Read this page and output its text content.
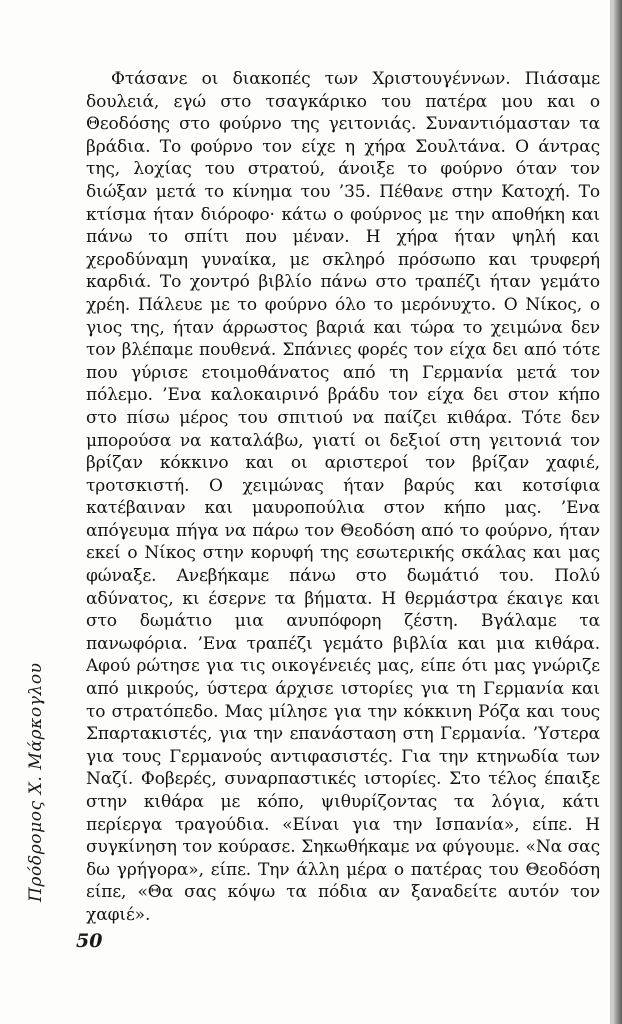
Φτάσανε οι διακοπές των Χριστουγέννων. Πιάσαμε δουλειά, εγώ στο τσαγκάρικο του πατέρα μου και ο Θεοδόσης στο φούρνο της γειτονιάς. Συναντιόμασταν τα βράδια. Το φούρνο τον είχε η χήρα Σουλτάνα. Ο άντρας της, λοχίας του στρατού, άνοιξε το φούρνο όταν τον διώξαν μετά το κίνημα του ’35. Πέθανε στην Κατοχή. Το κτίσμα ήταν διόροφο· κάτω ο φούρνος με την αποθήκη και πάνω το σπίτι που μέναν. Η χήρα ήταν ψηλή και χεροδύναμη γυναίκα, με σκληρό πρόσωπο και τρυφερή καρδιά. Το χοντρό βιβλίο πάνω στο τραπέζι ήταν γεμάτο χρέη. Πάλευε με το φούρνο όλο το μερόνυχτο. Ο Νίκος, ο γιος της, ήταν άρρωστος βαριά και τώρα το χειμώνα δεν τον βλέπαμε πουθενά. Σπάνιες φορές τον είχα δει από τότε που γύρισε ετοιμοθάνατος από τη Γερμανία μετά τον πόλεμο. ’Ενα καλοκαιρινό βράδυ τον είχα δει στον κήπο στο πίσω μέρος του σπιτιού να παίζει κιθάρα. Τότε δεν μπορούσα να καταλάβω, γιατί οι δεξιοί στη γειτονιά τον βρίζαν κόκκινο και οι αριστεροί τον βρίζαν χαφιέ, τροτσκιστή. Ο χειμώνας ήταν βαρύς και κοτσίφια κατέβαιναν και μαυροπούλια στον κήπο μας. ’Ενα απόγευμα πήγα να πάρω τον Θεοδόση από το φούρνο, ήταν εκεί ο Νίκος στην κορυφή της εσωτερικής σκάλας και μας φώναξε. Ανεβήκαμε πάνω στο δωμάτιό του. Πολύ αδύνατος, κι έσερνε τα βήματα. Η θερμάστρα έκαιγε και στο δωμάτιο μια ανυπόφορη ζέστη. Βγάλαμε τα πανωφόρια. ’Ενα τραπέζι γεμάτο βιβλία και μια κιθάρα. Αφού ρώτησε για τις οικογένειές μας, είπε ότι μας γνώριζε από μικρούς, ύστερα άρχισε ιστορίες για τη Γερμανία και το στρατόπεδο. Μας μίλησε για την κόκκινη Ρόζα και τους Σπαρτακιστές, για την επανάσταση στη Γερμανία. ’Υστερα για τους Γερμανούς αντιφασιστές. Για την κτηνωδία των Ναζί. Φοβερές, συναρπαστικές ιστορίες. Στο τέλος έπαιξε στην κιθάρα με κόπο, ψιθυρίζοντας τα λόγια, κάτι περίεργα τραγούδια. «Είναι για την Ισπανία», είπε. Η συγκίνηση τον κούρασε. Σηκωθήκαμε να φύγουμε. «Να σας δω γρήγορα», είπε. Την άλλη μέρα ο πατέρας του Θεοδόση είπε, «Θα σας κόψω τα πόδια αν ξαναδείτε αυτόν τον χαφιέ».

Πρόδρομος Χ. Μάρκογλου
50
